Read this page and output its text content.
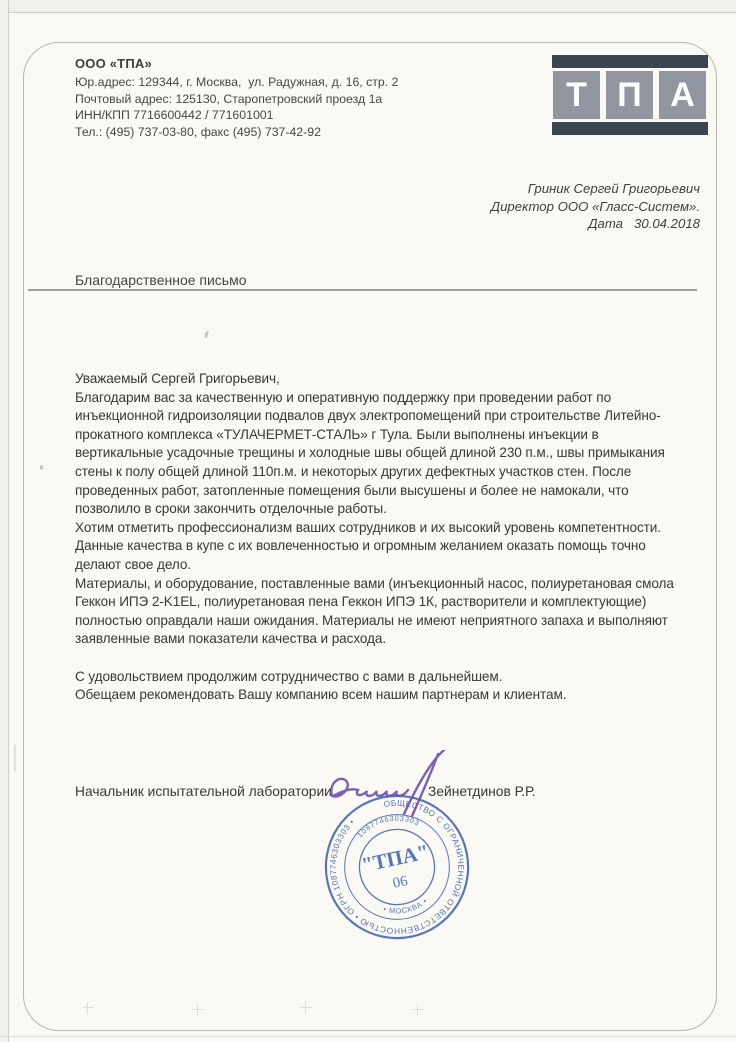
ООО «ТПА»
Юр.адрес: 129344, г. Москва,  ул. Радужная, д. 16, стр. 2
Почтовый адрес: 125130, Старопетровский проезд 1а
ИНН/КПП 7716600442 / 771601001
Тел.: (495) 737-03-80, факс (495) 737-42-92
Т П А
Гриник Сергей Григорьевич
Директор ООО «Гласс-Систем».
Дата   30.04.2018
Благодарственное письмо
Уважаемый Сергей Григорьевич,
Благодарим вас за качественную и оперативную поддержку при проведении работ по
инъекционной гидроизоляции подвалов двух электропомещений при строительстве Литейно-
прокатного комплекса «ТУЛАЧЕРМЕТ-СТАЛЬ» г Тула. Были выполнены инъекции в
вертикальные усадочные трещины и холодные швы общей длиной 230 п.м., швы примыкания
стены к полу общей длиной 110п.м. и некоторых других дефектных участков стен. После
проведенных работ, затопленные помещения были высушены и более не намокали, что
позволило в сроки закончить отделочные работы.
Хотим отметить профессионализм ваших сотрудников и их высокий уровень компетентности.
Данные качества в купе с их вовлеченностью и огромным желанием оказать помощь точно
делают свое дело.
Материалы, и оборудование, поставленные вами (инъекционный насос, полиуретановая смола
Геккон ИПЭ 2-K1EL, полиуретановая пена Геккон ИПЭ 1К, растворители и комплектующие)
полностью оправдали наши ожидания. Материалы не имеют неприятного запаха и выполняют
заявленные вами показатели качества и расхода.
С удовольствием продолжим сотрудничество с вами в дальнейшем.
Обещаем рекомендовать Вашу компанию всем нашим партнерам и клиентам.
Начальник испытательной лаборатории	Зейнетдинов Р.Р.
ОБЩЕСТВО С ОГРАНИЧЕННОЙ ОТВЕТСТВЕННОСТЬЮ • ОГРН 1087746303303 •
1087746303303
• МОСКВА •
"ТПА"
06
